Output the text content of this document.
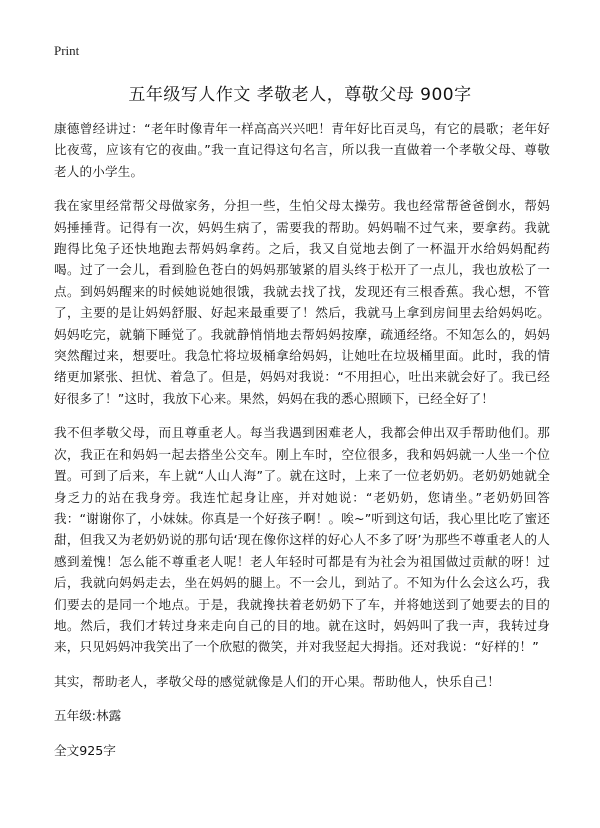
Print
五年级写人作文 孝敬老人，尊敬父母 900字

康德曾经讲过：“老年时像青年一样高高兴兴吧！青年好比百灵鸟，有它的晨歌；老年好比夜莺，应该有它的夜曲。”我一直记得这句名言，所以我一直做着一个孝敬父母、尊敬老人的小学生。

我在家里经常帮父母做家务，分担一些，生怕父母太操劳。我也经常帮爸爸倒水，帮妈妈捶捶背。记得有一次，妈妈生病了，需要我的帮助。妈妈喘不过气来，要拿药。我就跑得比兔子还快地跑去帮妈妈拿药。之后，我又自觉地去倒了一杯温开水给妈妈配药喝。过了一会儿，看到脸色苍白的妈妈那皱紧的眉头终于松开了一点儿，我也放松了一点。到妈妈醒来的时候她说她很饿，我就去找了找，发现还有三根香蕉。我心想，不管了，主要的是让妈妈舒服、好起来最重要了！然后，我就马上拿到房间里去给妈妈吃。妈妈吃完，就躺下睡觉了。我就静悄悄地去帮妈妈按摩，疏通经络。不知怎么的，妈妈突然醒过来，想要吐。我急忙将垃圾桶拿给妈妈，让她吐在垃圾桶里面。此时，我的情绪更加紧张、担忧、着急了。但是，妈妈对我说：“不用担心，吐出来就会好了。我已经好很多了！”这时，我放下心来。果然，妈妈在我的悉心照顾下，已经全好了！

我不但孝敬父母，而且尊重老人。每当我遇到困难老人，我都会伸出双手帮助他们。那次，我正在和妈妈一起去搭坐公交车。刚上车时，空位很多，我和妈妈就一人坐一个位置。可到了后来，车上就“人山人海”了。就在这时，上来了一位老奶奶。老奶奶她就全身乏力的站在我身旁。我连忙起身让座，并对她说：“老奶奶，您请坐。”老奶奶回答我：“谢谢你了，小妹妹。你真是一个好孩子啊！。唉~”听到这句话，我心里比吃了蜜还甜，但我又为老奶奶说的那句话‘现在像你这样的好心人不多了呀’为那些不尊重老人的人感到羞愧！怎么能不尊重老人呢！老人年轻时可都是有为社会为祖国做过贡献的呀！过后，我就向妈妈走去，坐在妈妈的腿上。不一会儿，到站了。不知为什么会这么巧，我们要去的是同一个地点。于是，我就搀扶着老奶奶下了车，并将她送到了她要去的目的地。然后，我们才转过身来走向自己的目的地。就在这时，妈妈叫了我一声，我转过身来，只见妈妈冲我笑出了一个欣慰的微笑，并对我竖起大拇指。还对我说：“好样的！”

其实，帮助老人，孝敬父母的感觉就像是人们的开心果。帮助他人，快乐自己！

五年级:林露

全文925字
